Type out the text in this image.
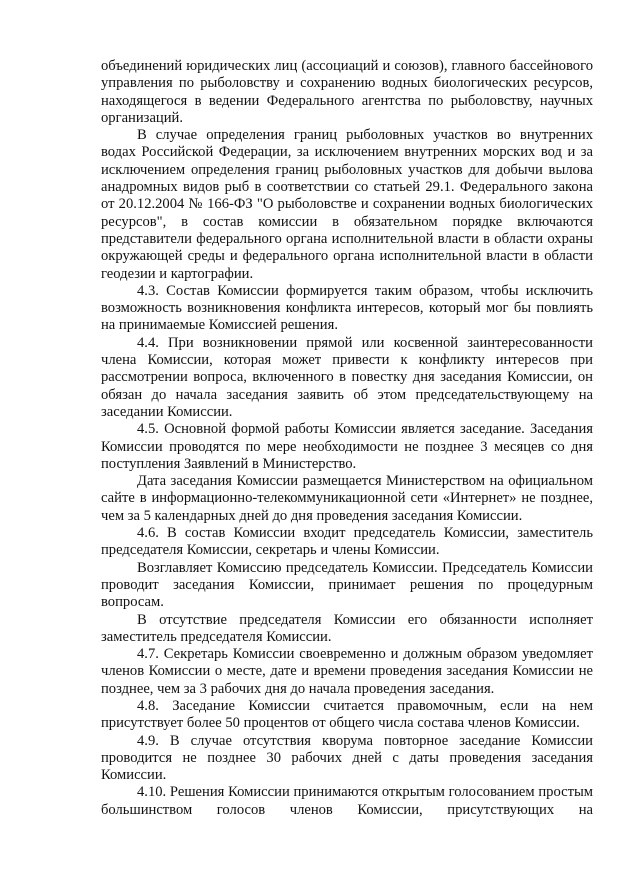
объединений юридических лиц (ассоциаций и союзов), главного бассейнового управления по рыболовству и сохранению водных биологических ресурсов, находящегося в ведении Федерального агентства по рыболовству, научных организаций.

В случае определения границ рыболовных участков во внутренних водах Российской Федерации, за исключением внутренних морских вод и за исключением определения границ рыболовных участков для добычи вылова анадромных видов рыб в соответствии со статьей 29.1. Федерального закона от 20.12.2004 № 166-ФЗ "О рыболовстве и сохранении водных биологических ресурсов", в состав комиссии в обязательном порядке включаются представители федерального органа исполнительной власти в области охраны окружающей среды и федерального органа исполнительной власти в области геодезии и картографии.

4.3. Состав Комиссии формируется таким образом, чтобы исключить возможность возникновения конфликта интересов, который мог бы повлиять на принимаемые Комиссией решения.

4.4. При возникновении прямой или косвенной заинтересованности члена Комиссии, которая может привести к конфликту интересов при рассмотрении вопроса, включенного в повестку дня заседания Комиссии, он обязан до начала заседания заявить об этом председательствующему на заседании Комиссии.

4.5. Основной формой работы Комиссии является заседание. Заседания Комиссии проводятся по мере необходимости не позднее 3 месяцев со дня поступления Заявлений в Министерство.

Дата заседания Комиссии размещается Министерством на официальном сайте в информационно-телекоммуникационной сети «Интернет» не позднее, чем за 5 календарных дней до дня проведения заседания Комиссии.

4.6. В состав Комиссии входит председатель Комиссии, заместитель председателя Комиссии, секретарь и члены Комиссии.

Возглавляет Комиссию председатель Комиссии. Председатель Комиссии проводит заседания Комиссии, принимает решения по процедурным вопросам.

В отсутствие председателя Комиссии его обязанности исполняет заместитель председателя Комиссии.

4.7. Секретарь Комиссии своевременно и должным образом уведомляет членов Комиссии о месте, дате и времени проведения заседания Комиссии не позднее, чем за 3 рабочих дня до начала проведения заседания.

4.8. Заседание Комиссии считается правомочным, если на нем присутствует более 50 процентов от общего числа состава членов Комиссии.

4.9. В случае отсутствия кворума повторное заседание Комиссии проводится не позднее 30 рабочих дней с даты проведения заседания Комиссии.

4.10. Решения Комиссии принимаются открытым голосованием простым большинством голосов членов Комиссии, присутствующих на
